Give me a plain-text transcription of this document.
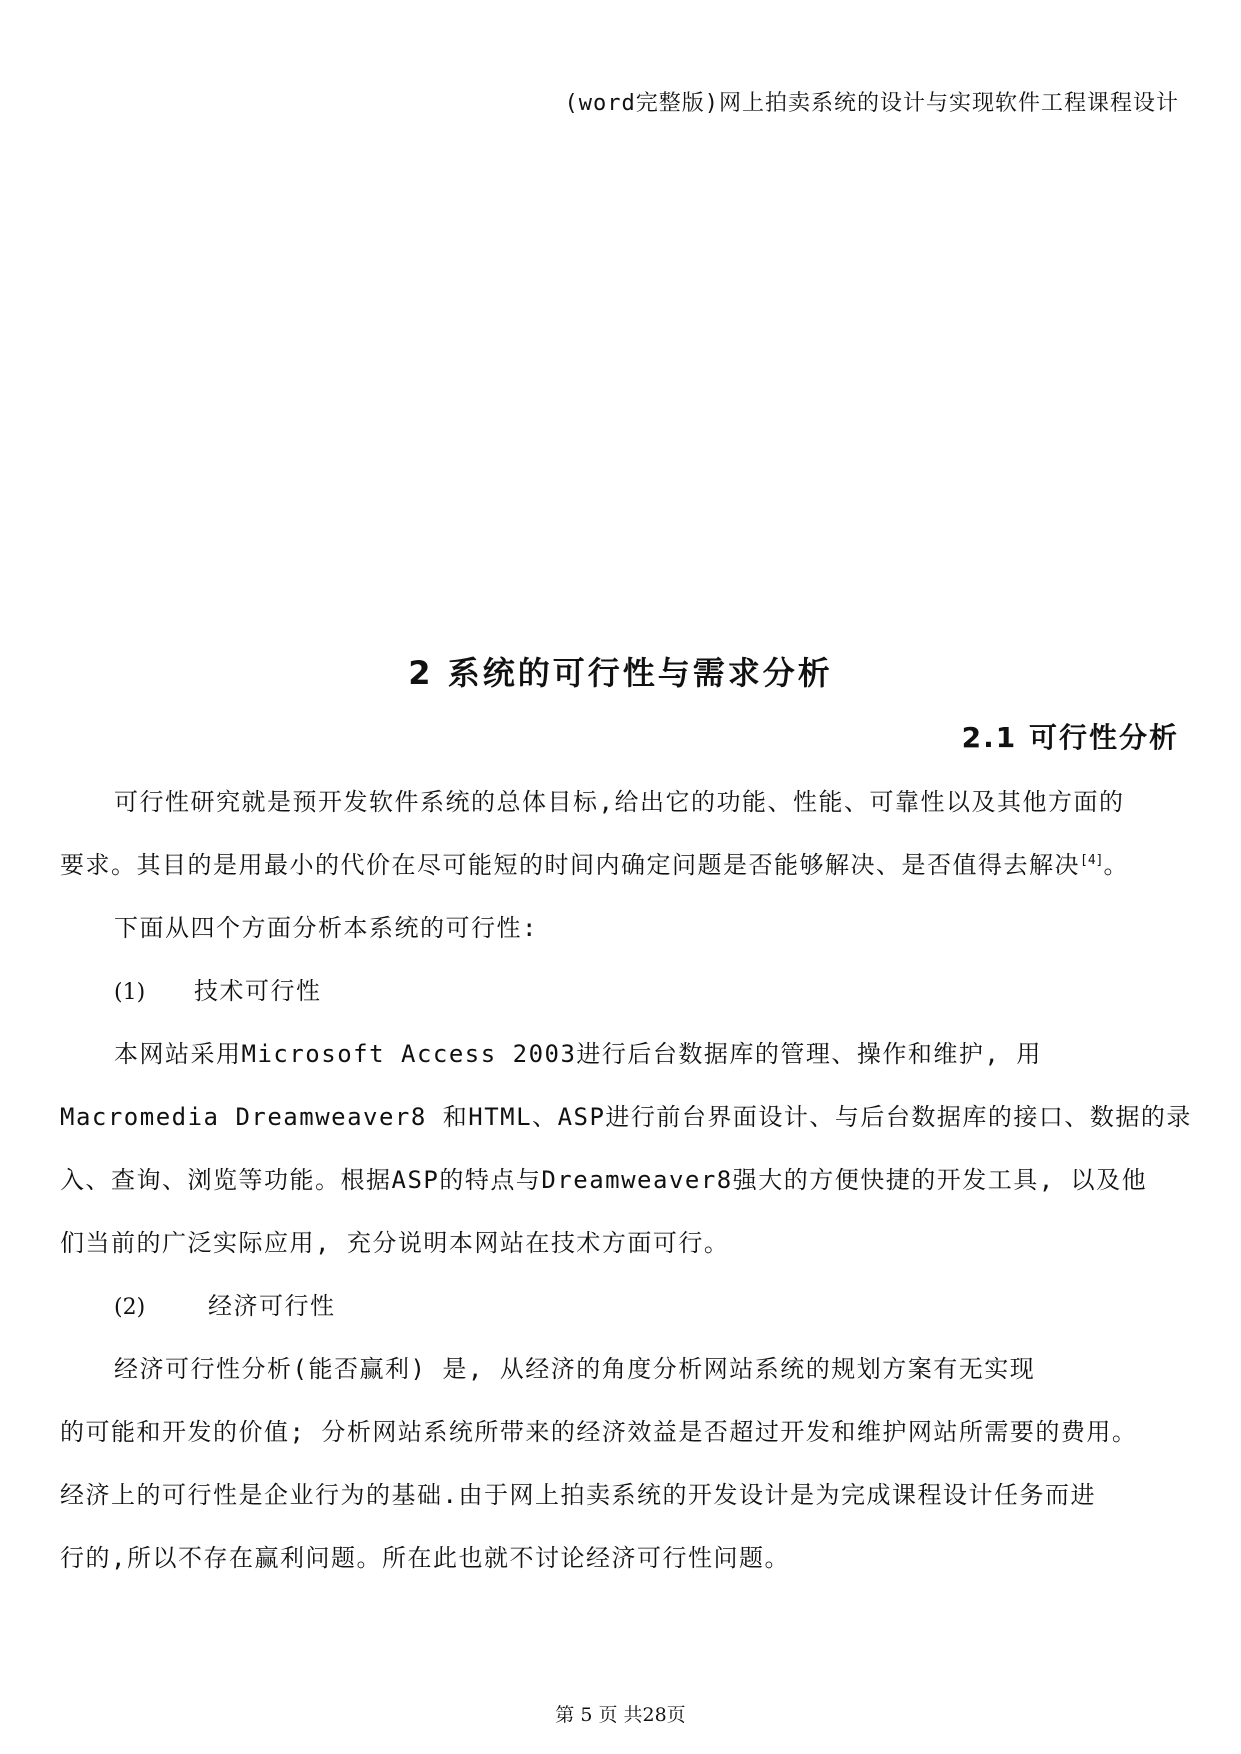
(word完整版)网上拍卖系统的设计与实现软件工程课程设计
2 系统的可行性与需求分析
2.1 可行性分析
可行性研究就是预开发软件系统的总体目标,给出它的功能、性能、可靠性以及其他方面的
要求。其目的是用最小的代价在尽可能短的时间内确定问题是否能够解决、是否值得去解决[4]。
下面从四个方面分析本系统的可行性:
(1) 技术可行性
本网站采用Microsoft Access 2003进行后台数据库的管理、操作和维护, 用
Macromedia Dreamweaver8 和HTML、ASP进行前台界面设计、与后台数据库的接口、数据的录
入、查询、浏览等功能。根据ASP的特点与Dreamweaver8强大的方便快捷的开发工具, 以及他
们当前的广泛实际应用, 充分说明本网站在技术方面可行。
(2)	经济可行性
经济可行性分析(能否赢利) 是, 从经济的角度分析网站系统的规划方案有无实现
的可能和开发的价值; 分析网站系统所带来的经济效益是否超过开发和维护网站所需要的费用。
经济上的可行性是企业行为的基础.由于网上拍卖系统的开发设计是为完成课程设计任务而进
行的,所以不存在赢利问题。所在此也就不讨论经济可行性问题。
第 5 页 共28页
